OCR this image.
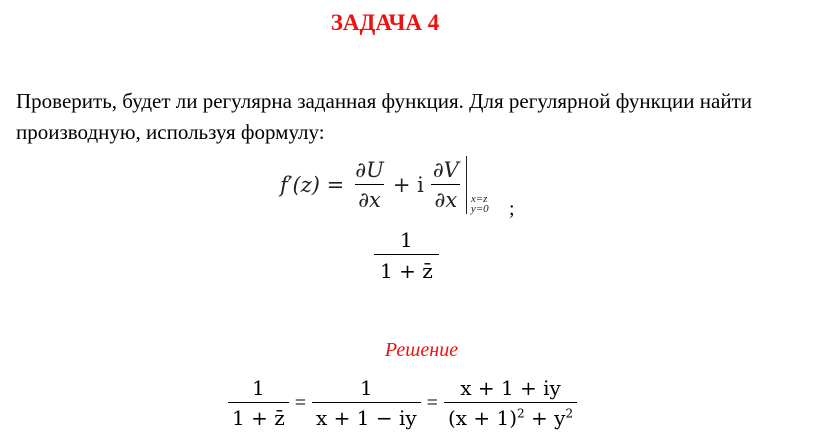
ЗАДАЧА 4
Проверить, будет ли регулярна заданная функция. Для регулярной функции найти производную, используя формулу:
$f'(z) = \frac{\partial U}{\partial x} + i \frac{\partial V}{\partial x} x=z$
y=0 ;
$\frac{1}{1 + z̄}$
Решение
$\frac{1}{1 + z̄} = \frac{1}{x + 1 - iy} = \frac{x + 1 + iy}{(x + 1)^2 + y^2}$
